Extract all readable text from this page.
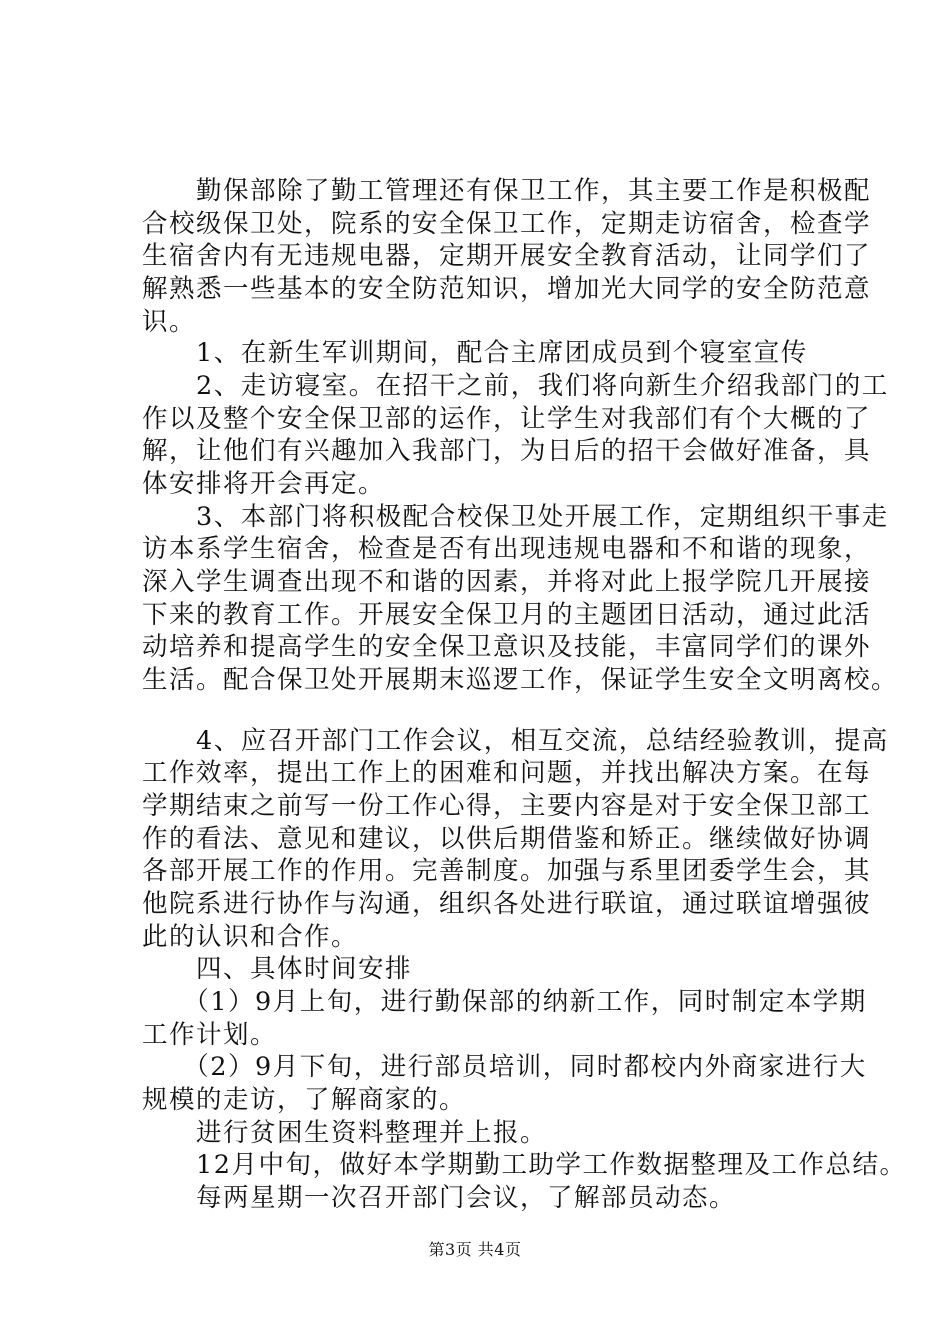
　　勤保部除了勤工管理还有保卫工作，其主要工作是积极配
合校级保卫处，院系的安全保卫工作，定期走访宿舍，检查学
生宿舍内有无违规电器，定期开展安全教育活动，让同学们了
解熟悉一些基本的安全防范知识，增加光大同学的安全防范意
识。
　　1、在新生军训期间，配合主席团成员到个寝室宣传
　　2、走访寝室。在招干之前，我们将向新生介绍我部门的工
作以及整个安全保卫部的运作，让学生对我部们有个大概的了
解，让他们有兴趣加入我部门，为日后的招干会做好准备，具
体安排将开会再定。
　　3、本部门将积极配合校保卫处开展工作，定期组织干事走
访本系学生宿舍，检查是否有出现违规电器和不和谐的现象，
深入学生调查出现不和谐的因素，并将对此上报学院几开展接
下来的教育工作。开展安全保卫月的主题团日活动，通过此活
动培养和提高学生的安全保卫意识及技能，丰富同学们的课外
生活。配合保卫处开展期末巡逻工作，保证学生安全文明离校。
　　4、应召开部门工作会议，相互交流，总结经验教训，提高
工作效率，提出工作上的困难和问题，并找出解决方案。在每
学期结束之前写一份工作心得，主要内容是对于安全保卫部工
作的看法、意见和建议，以供后期借鉴和矫正。继续做好协调
各部开展工作的作用。完善制度。加强与系里团委学生会，其
他院系进行协作与沟通，组织各处进行联谊，通过联谊增强彼
此的认识和合作。
　　四、具体时间安排
　　（1）9月上旬，进行勤保部的纳新工作，同时制定本学期
工作计划。
　　（2）9月下旬，进行部员培训，同时都校内外商家进行大
规模的走访，了解商家的。
　　进行贫困生资料整理并上报。
　　12月中旬，做好本学期勤工助学工作数据整理及工作总结。
　　每两星期一次召开部门会议，了解部员动态。
第3页 共4页
